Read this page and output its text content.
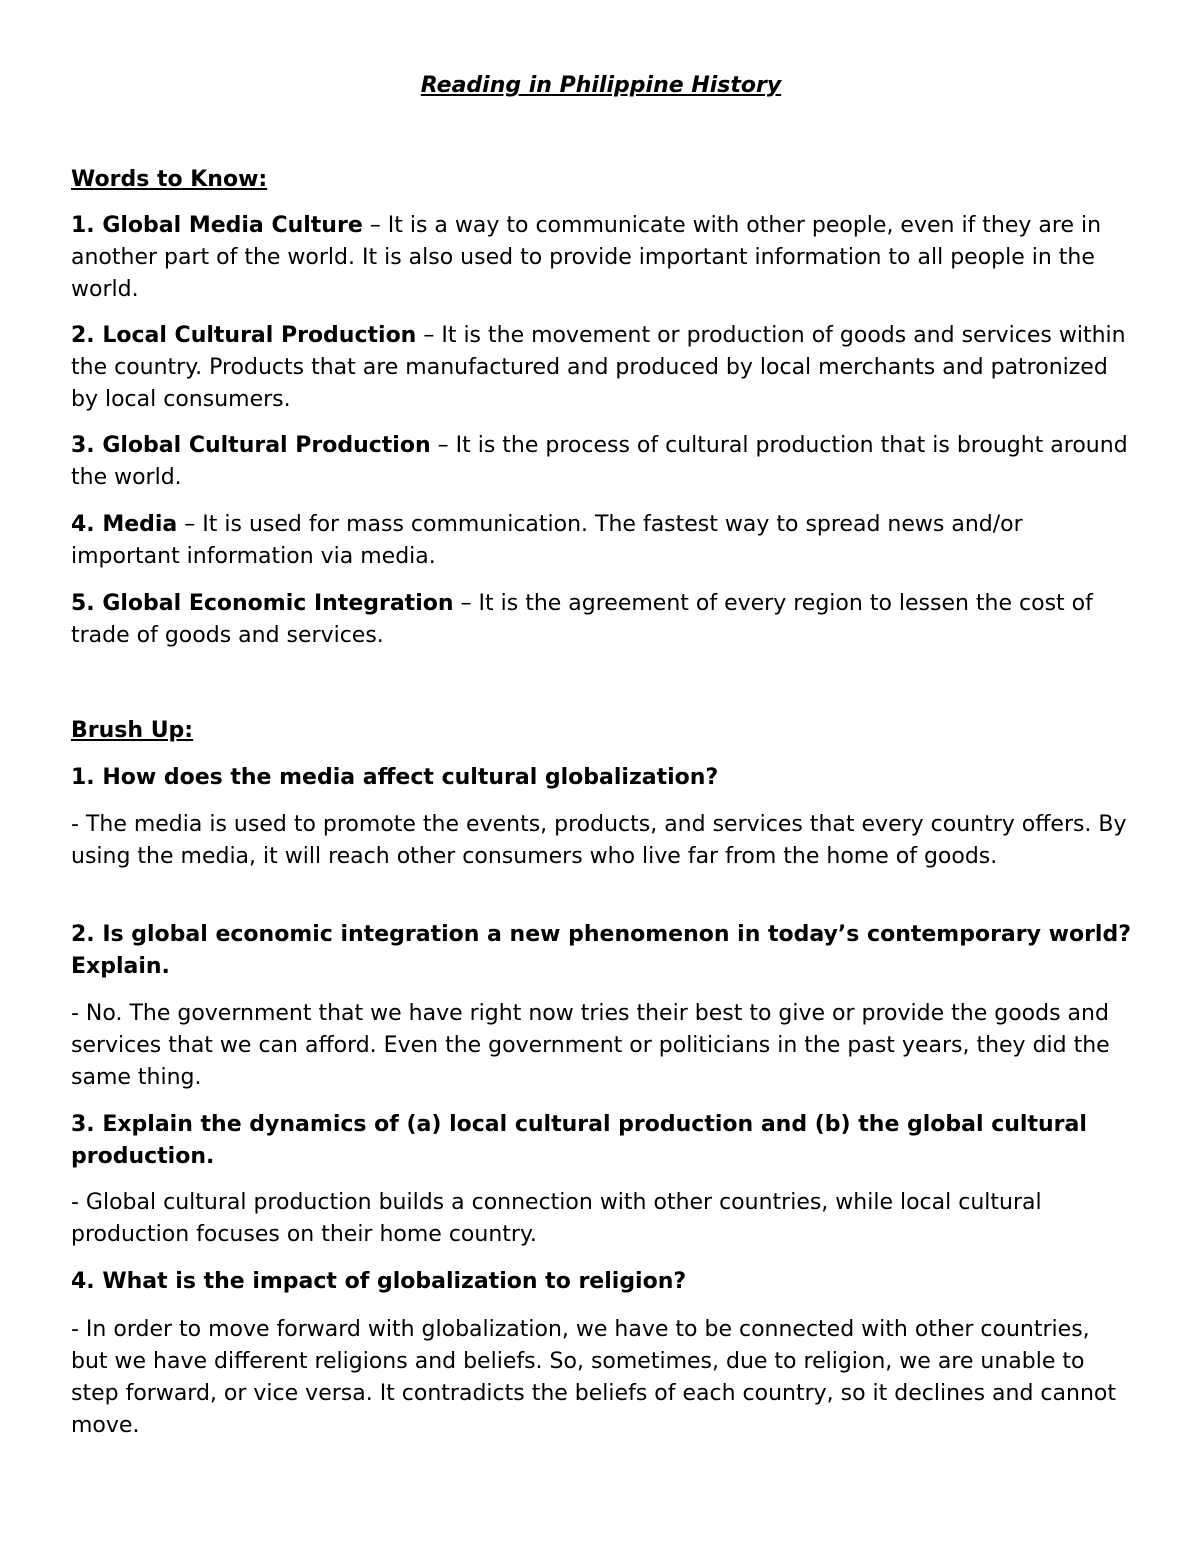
Reading in Philippine History

Words to Know:

1. Global Media Culture – It is a way to communicate with other people, even if they are in another part of the world. It is also used to provide important information to all people in the world.

2. Local Cultural Production – It is the movement or production of goods and services within the country. Products that are manufactured and produced by local merchants and patronized by local consumers.

3. Global Cultural Production – It is the process of cultural production that is brought around the world.

4. Media – It is used for mass communication. The fastest way to spread news and/or important information via media.

5. Global Economic Integration – It is the agreement of every region to lessen the cost of trade of goods and services.

Brush Up:

1. How does the media affect cultural globalization?

- The media is used to promote the events, products, and services that every country offers. By using the media, it will reach other consumers who live far from the home of goods.

2. Is global economic integration a new phenomenon in today’s contemporary world? Explain.

- No. The government that we have right now tries their best to give or provide the goods and services that we can afford. Even the government or politicians in the past years, they did the same thing.

3. Explain the dynamics of (a) local cultural production and (b) the global cultural production.

- Global cultural production builds a connection with other countries, while local cultural production focuses on their home country.

4. What is the impact of globalization to religion?

- In order to move forward with globalization, we have to be connected with other countries, but we have different religions and beliefs. So, sometimes, due to religion, we are unable to step forward, or vice versa. It contradicts the beliefs of each country, so it declines and cannot move.
